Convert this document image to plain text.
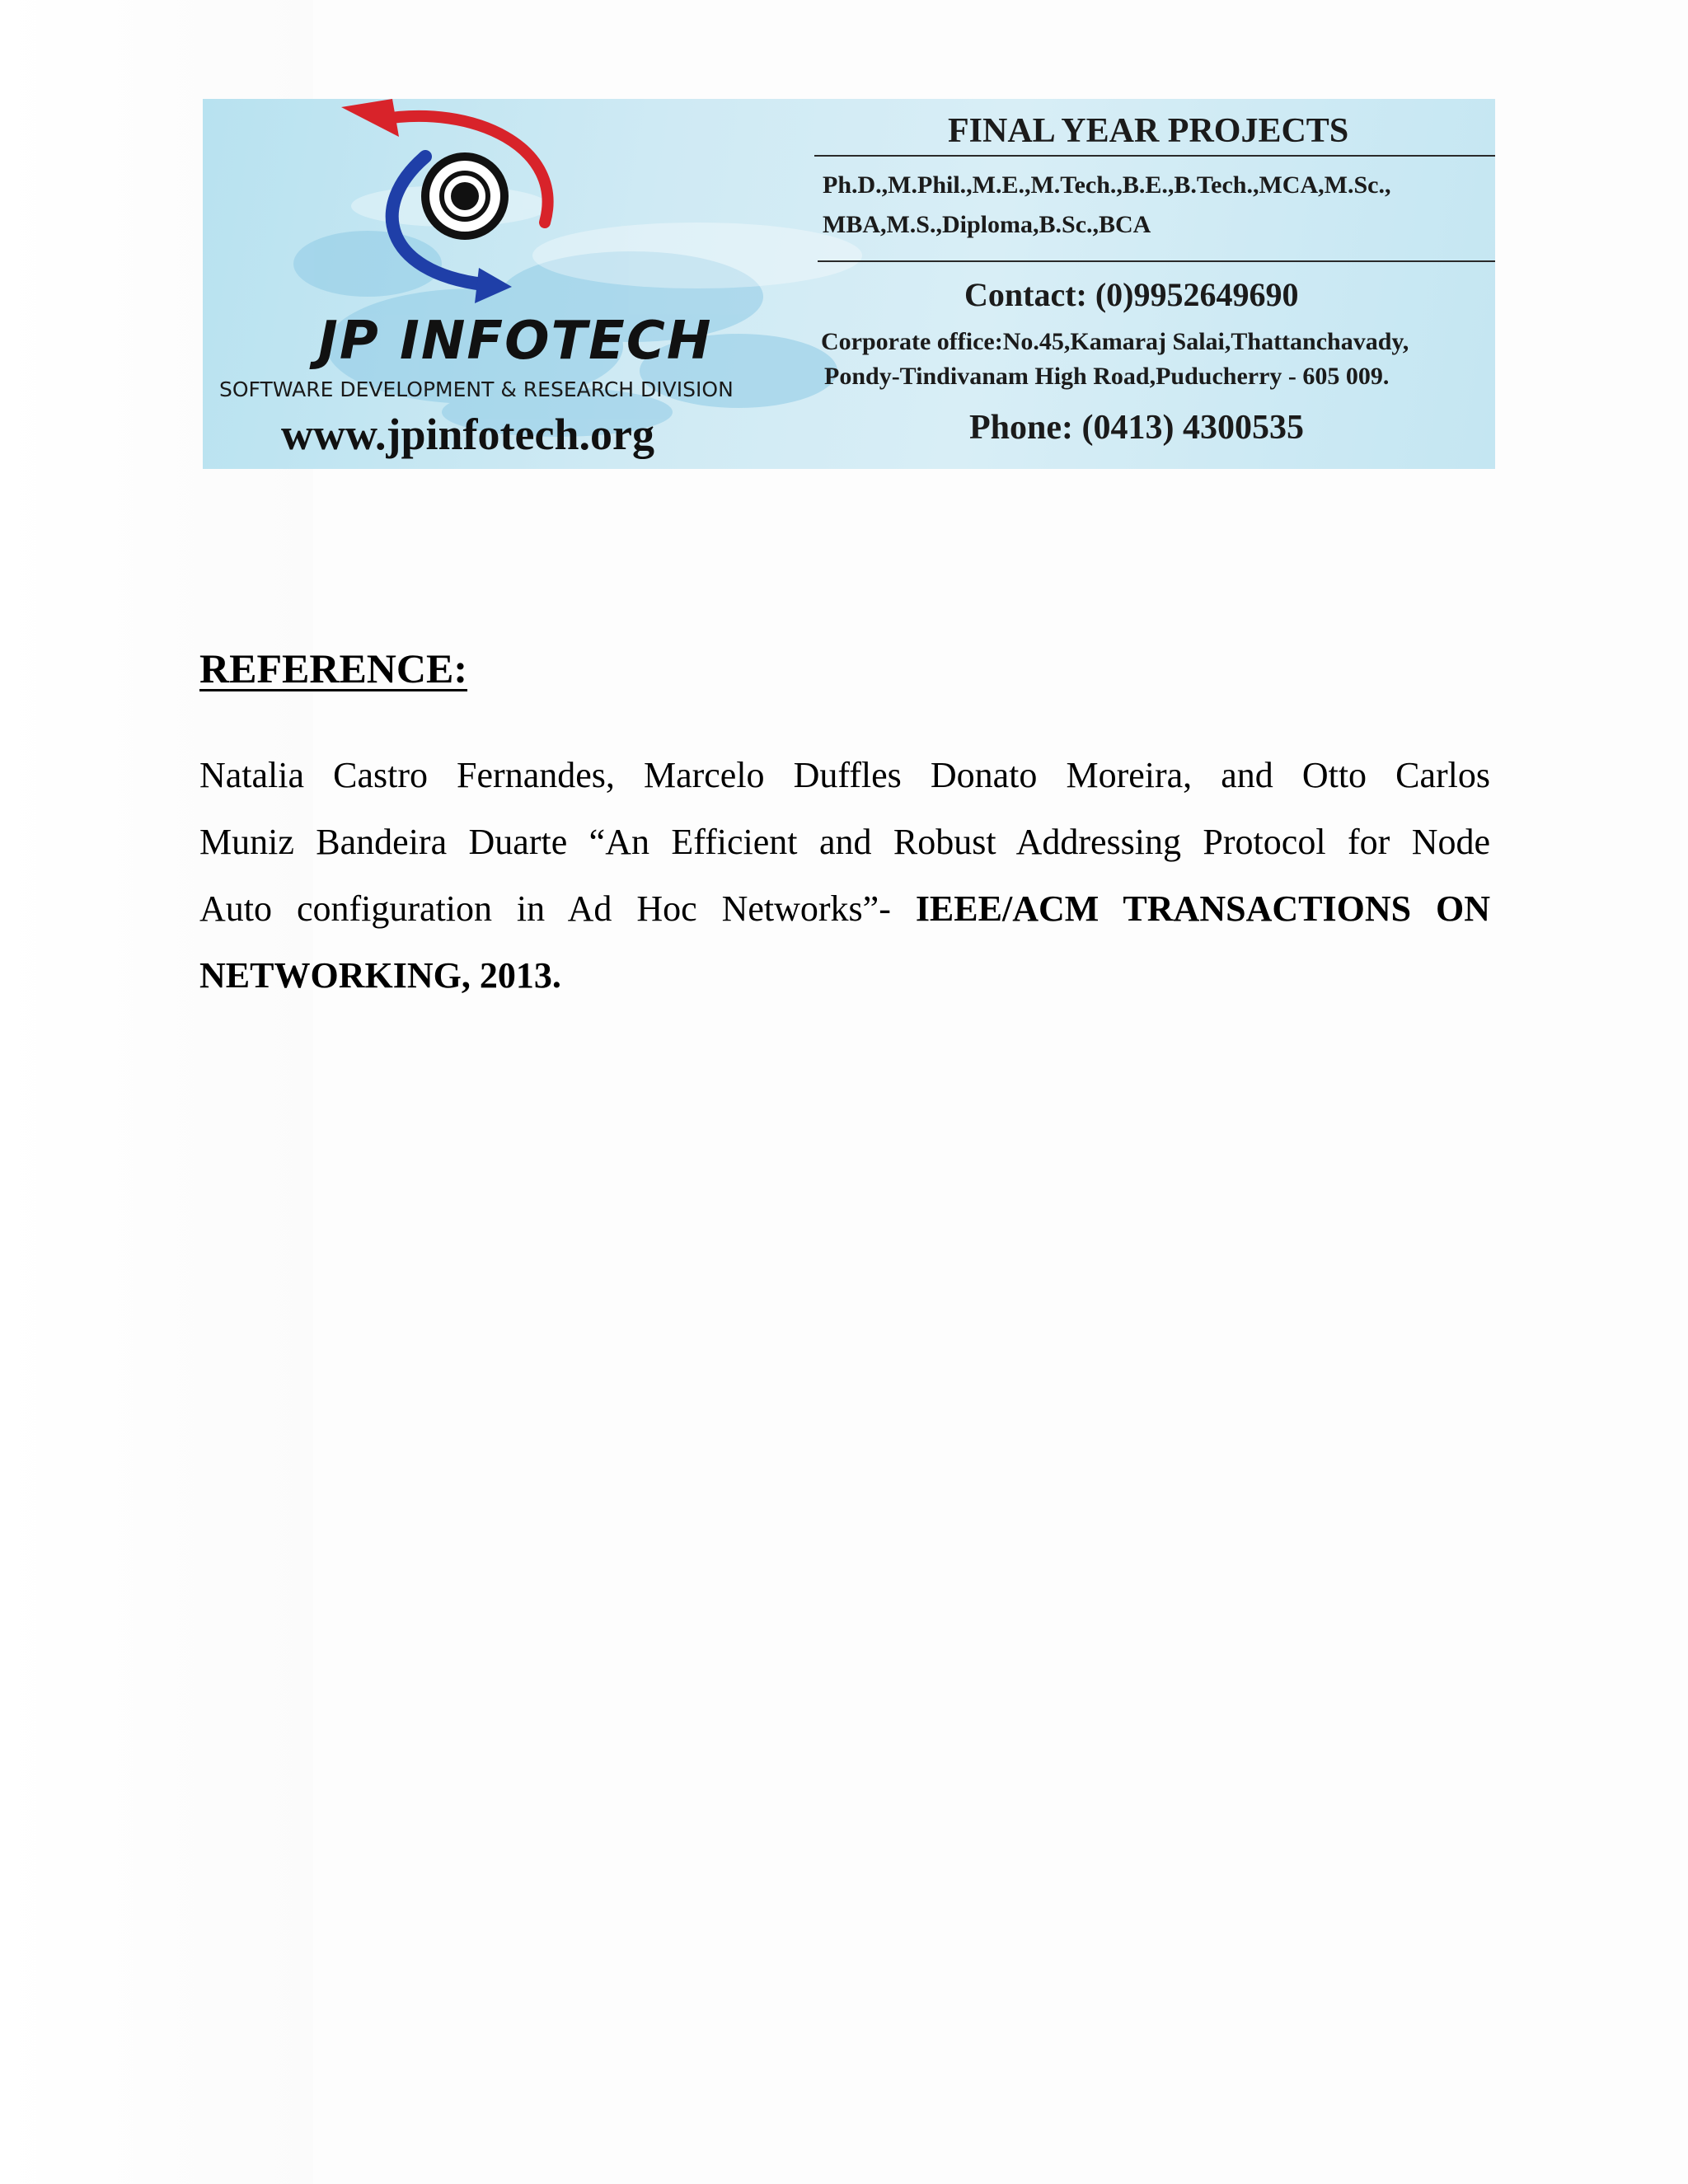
JP INFOTECH
SOFTWARE DEVELOPMENT & RESEARCH DIVISION
www.jpinfotech.org
FINAL YEAR PROJECTS
Ph.D.,M.Phil.,M.E.,M.Tech.,B.E.,B.Tech.,MCA,M.Sc.,
MBA,M.S.,Diploma,B.Sc.,BCA
Contact: (0)9952649690
Corporate office:No.45,Kamaraj Salai,Thattanchavady,
Pondy-Tindivanam High Road,Puducherry - 605 009.
Phone: (0413) 4300535
REFERENCE:
Natalia Castro Fernandes, Marcelo Duffles Donato Moreira, and Otto Carlos
Muniz Bandeira Duarte “An Efficient and Robust Addressing Protocol for Node
Auto configuration in Ad Hoc Networks”- IEEE/ACM TRANSACTIONS ON
NETWORKING, 2013.
